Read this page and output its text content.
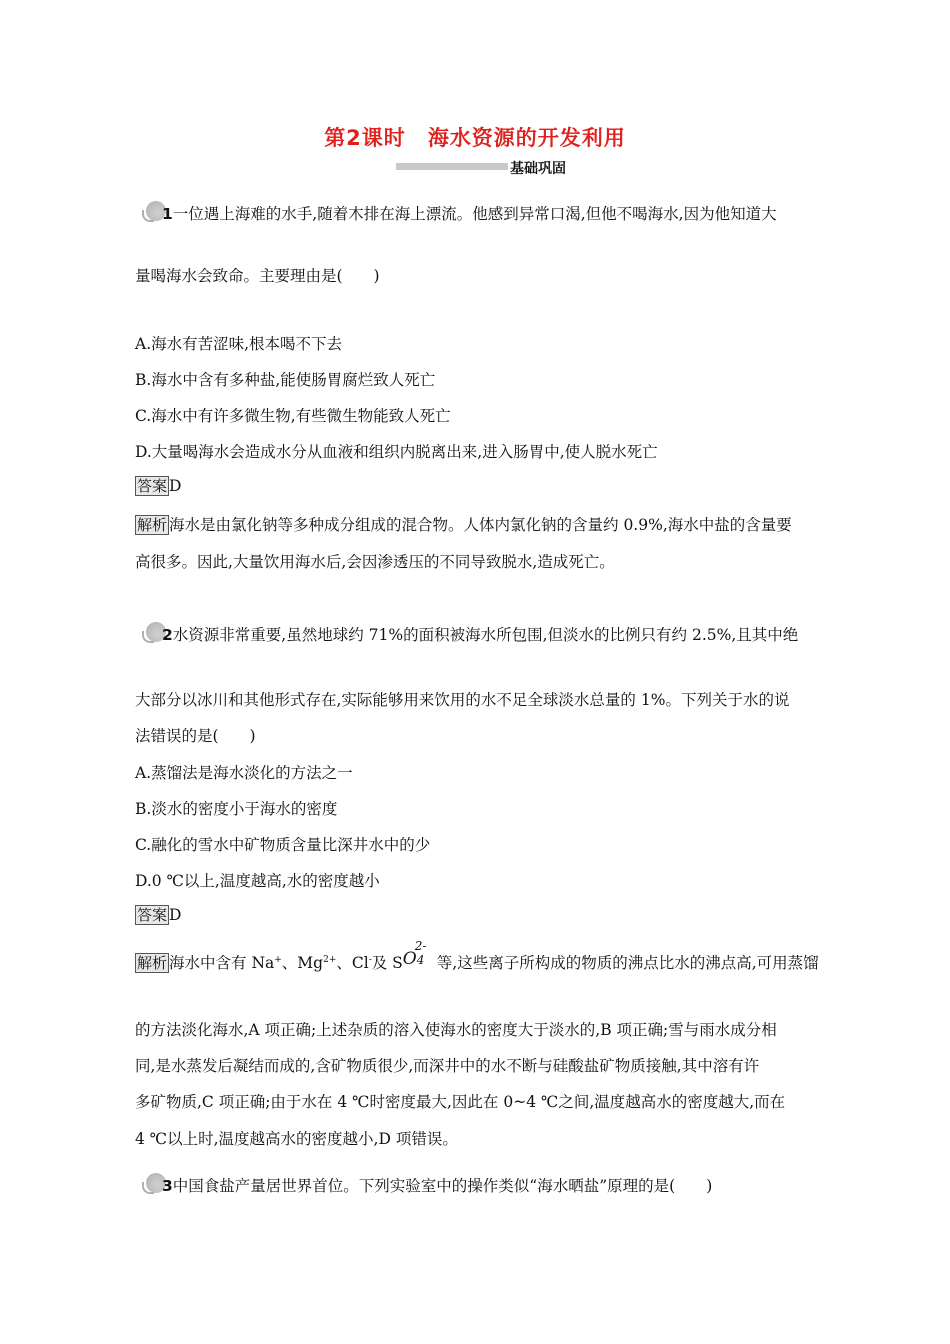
第2课时 海水资源的开发利用
基础巩固
1一位遇上海难的水手,随着木排在海上漂流。他感到异常口渴,但他不喝海水,因为他知道大
量喝海水会致命。主要理由是(　　)
A.海水有苦涩味,根本喝不下去
B.海水中含有多种盐,能使肠胃腐烂致人死亡
C.海水中有许多微生物,有些微生物能致人死亡
D.大量喝海水会造成水分从血液和组织内脱离出来,进入肠胃中,使人脱水死亡
答案 D
解析 海水是由氯化钠等多种成分组成的混合物。人体内氯化钠的含量约 0.9%,海水中盐的含量要
高很多。因此,大量饮用海水后,会因渗透压的不同导致脱水,造成死亡。
2水资源非常重要,虽然地球约 71%的面积被海水所包围,但淡水的比例只有约 2.5%,且其中绝
大部分以冰川和其他形式存在,实际能够用来饮用的水不足全球淡水总量的 1%。下列关于水的说
法错误的是(　　)
A.蒸馏法是海水淡化的方法之一
B.淡水的密度小于海水的密度
C.融化的雪水中矿物质含量比深井水中的少
D.0 ℃以上,温度越高,水的密度越小
答案 D
解析 海水中含有 Na+、$Mg^{2+}$、Cl-及 SO
2-
4 等,这些离子所构成的物质的沸点比水的沸点高,可用蒸馏
的方法淡化海水,A 项正确;上述杂质的溶入使海水的密度大于淡水的,B 项正确;雪与雨水成分相
同,是水蒸发后凝结而成的,含矿物质很少,而深井中的水不断与硅酸盐矿物质接触,其中溶有许
多矿物质,C 项正确;由于水在 4 ℃时密度最大,因此在 0~4 ℃之间,温度越高水的密度越大,而在
4 ℃以上时,温度越高水的密度越小,D 项错误。
3中国食盐产量居世界首位。下列实验室中的操作类似“海水晒盐”原理的是(　　)
